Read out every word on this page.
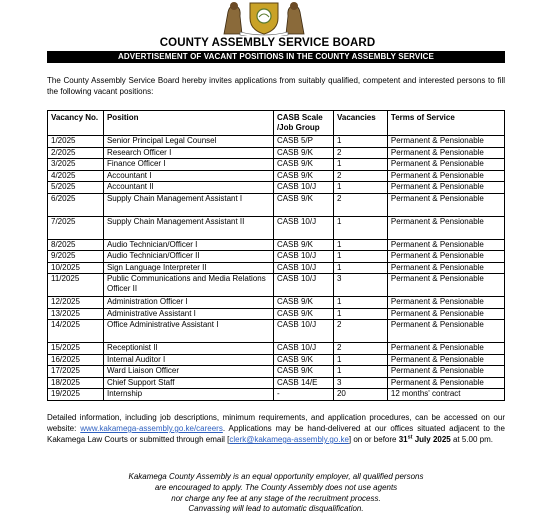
COUNTY ASSEMBLY SERVICE BOARD
ADVERTISEMENT OF VACANT POSITIONS IN THE COUNTY ASSEMBLY SERVICE
The County Assembly Service Board hereby invites applications from suitably qualified, competent and interested persons to fill the following vacant positions:
Vacancy No.	Position	CASB Scale /Job Group	Vacancies	Terms of Service
1/2025	Senior Principal Legal Counsel	CASB 5/P	1	Permanent & Pensionable
2/2025	Research Officer I	CASB 9/K	2	Permanent & Pensionable
3/2025	Finance Officer I	CASB 9/K	1	Permanent & Pensionable
4/2025	Accountant I	CASB 9/K	2	Permanent & Pensionable
5/2025	Accountant II	CASB 10/J	1	Permanent & Pensionable
6/2025	Supply Chain Management Assistant I	CASB 9/K	2	Permanent & Pensionable
7/2025	Supply Chain Management Assistant II	CASB 10/J	1	Permanent & Pensionable
8/2025	Audio Technician/Officer I	CASB 9/K	1	Permanent & Pensionable
9/2025	Audio Technician/Officer II	CASB 10/J	1	Permanent & Pensionable
10/2025	Sign Language Interpreter II	CASB 10/J	1	Permanent & Pensionable
11/2025	Public Communications and Media Relations Officer II	CASB 10/J	3	Permanent & Pensionable
12/2025	Administration Officer I	CASB 9/K	1	Permanent & Pensionable
13/2025	Administrative Assistant I	CASB 9/K	1	Permanent & Pensionable
14/2025	Office Administrative Assistant I	CASB 10/J	2	Permanent & Pensionable
15/2025	Receptionist II	CASB 10/J	2	Permanent & Pensionable
16/2025	Internal Auditor I	CASB 9/K	1	Permanent & Pensionable
17/2025	Ward Liaison Officer	CASB 9/K	1	Permanent & Pensionable
18/2025	Chief Support Staff	CASB 14/E	3	Permanent & Pensionable
19/2025	Internship	-	20	12 months' contract
Detailed information, including job descriptions, minimum requirements, and application procedures, can be accessed on our website: www.kakamega-assembly.go.ke/careers. Applications may be hand-delivered at our offices situated adjacent to the Kakamega Law Courts or submitted through email [clerk@kakamega-assembly.go.ke] on or before 31st July 2025 at 5.00 pm.
Kakamega County Assembly is an equal opportunity employer, all qualified persons
are encouraged to apply. The County Assembly does not use agents
nor charge any fee at any stage of the recruitment process.
Canvassing will lead to automatic disqualification.
